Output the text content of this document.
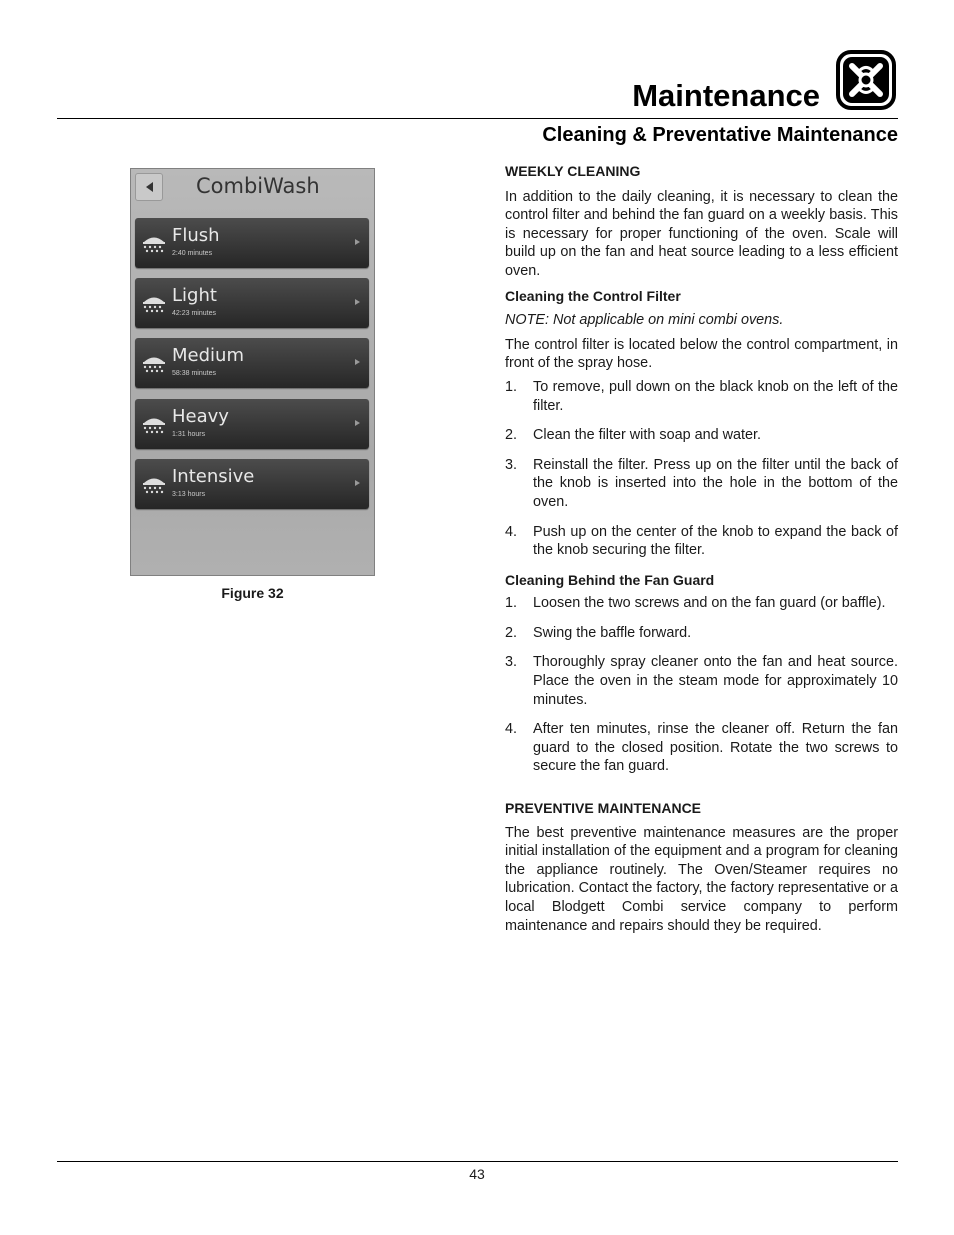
Maintenance
Cleaning & Preventative Maintenance
CombiWash
Flush
2:40 minutes
Light
42:23 minutes
Medium
58:38 minutes
Heavy
1:31 hours
Intensive
3:13 hours
Figure 32

WEEKLY CLEANING

In addition to the daily cleaning, it is necessary to clean the control filter and behind the fan guard on a weekly basis. This is necessary for proper functioning of the oven. Scale will build up on the fan and heat source leading to a less efficient oven.

Cleaning the Control Filter

NOTE: Not applicable on mini combi ovens.

The control filter is located below the control compartment, in front of the spray hose.

1. To remove, pull down on the black knob on the left of the filter.
2. Clean the filter with soap and water.
3. Reinstall the filter. Press up on the filter until the back of the knob is inserted into the hole in the bottom of the oven.
4. Push up on the center of the knob to expand the back of the knob securing the filter.

Cleaning Behind the Fan Guard

1. Loosen the two screws and on the fan guard (or baffle).
2. Swing the baffle forward.
3. Thoroughly spray cleaner onto the fan and heat source. Place the oven in the steam mode for approximately 10 minutes.
4. After ten minutes, rinse the cleaner off. Return the fan guard to the closed position. Rotate the two screws to secure the fan guard.

PREVENTIVE MAINTENANCE

The best preventive maintenance measures are the proper initial installation of the equipment and a program for cleaning the appliance routinely. The Oven/Steamer requires no lubrication. Contact the factory, the factory representative or a local Blodgett Combi service company to perform maintenance and repairs should they be required.

43
